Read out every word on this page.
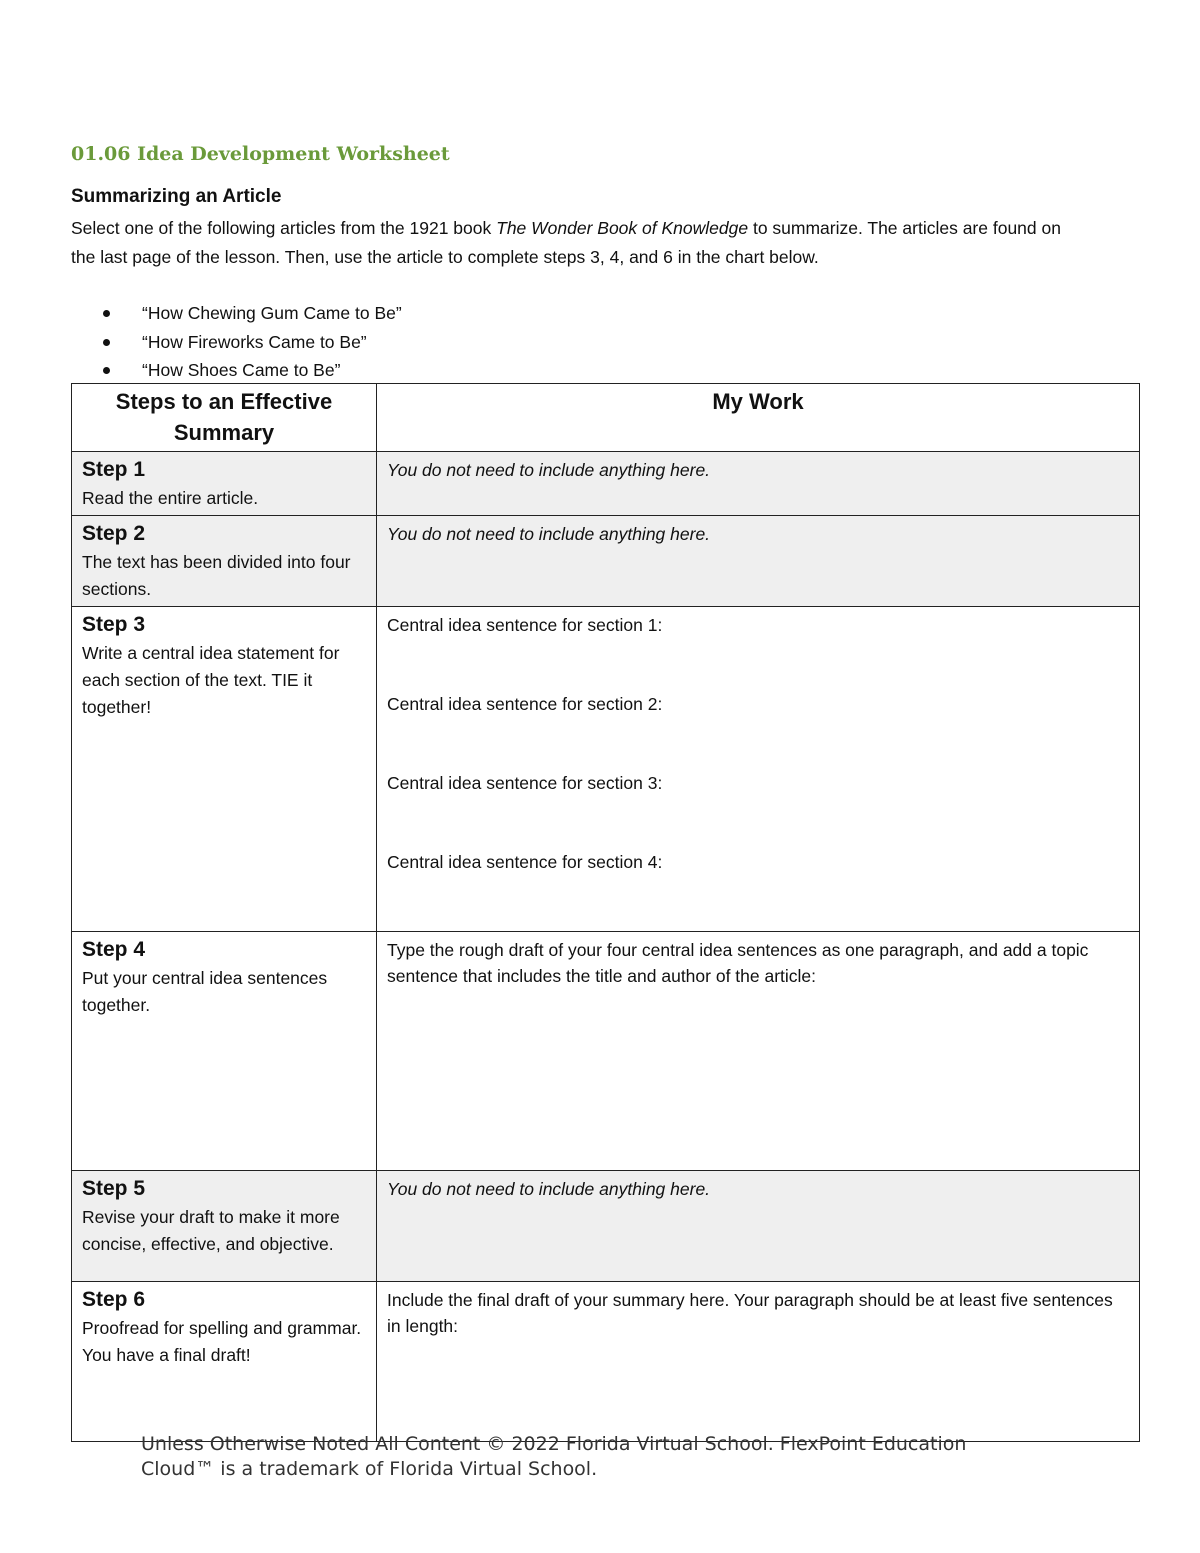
01.06 Idea Development Worksheet
Summarizing an Article

Select one of the following articles from the 1921 book The Wonder Book of Knowledge to summarize. The articles are found on the last page of the lesson. Then, use the article to complete steps 3, 4, and 6 in the chart below.

“How Chewing Gum Came to Be”
“How Fireworks Came to Be”
“How Shoes Came to Be”
Steps to an Effective Summary	My Work

Step 1
Read the entire article.	You do not need to include anything here.

Step 2
The text has been divided into four sections.	You do not need to include anything here.

Step 3
Write a central idea statement for each section of the text. TIE it together!	Central idea sentence for section 1:
Central idea sentence for section 2:
Central idea sentence for section 3:
Central idea sentence for section 4:

Step 4
Put your central idea sentences together.	Type the rough draft of your four central idea sentences as one paragraph, and add a topic sentence that includes the title and author of the article:

Step 5
Revise your draft to make it more concise, effective, and objective.	You do not need to include anything here.

Step 6
Proofread for spelling and grammar. You have a final draft!	Include the final draft of your summary here. Your paragraph should be at least five sentences in length:

Unless Otherwise Noted All Content © 2022 Florida Virtual School. FlexPoint Education Cloud™ is a trademark of Florida Virtual School.
